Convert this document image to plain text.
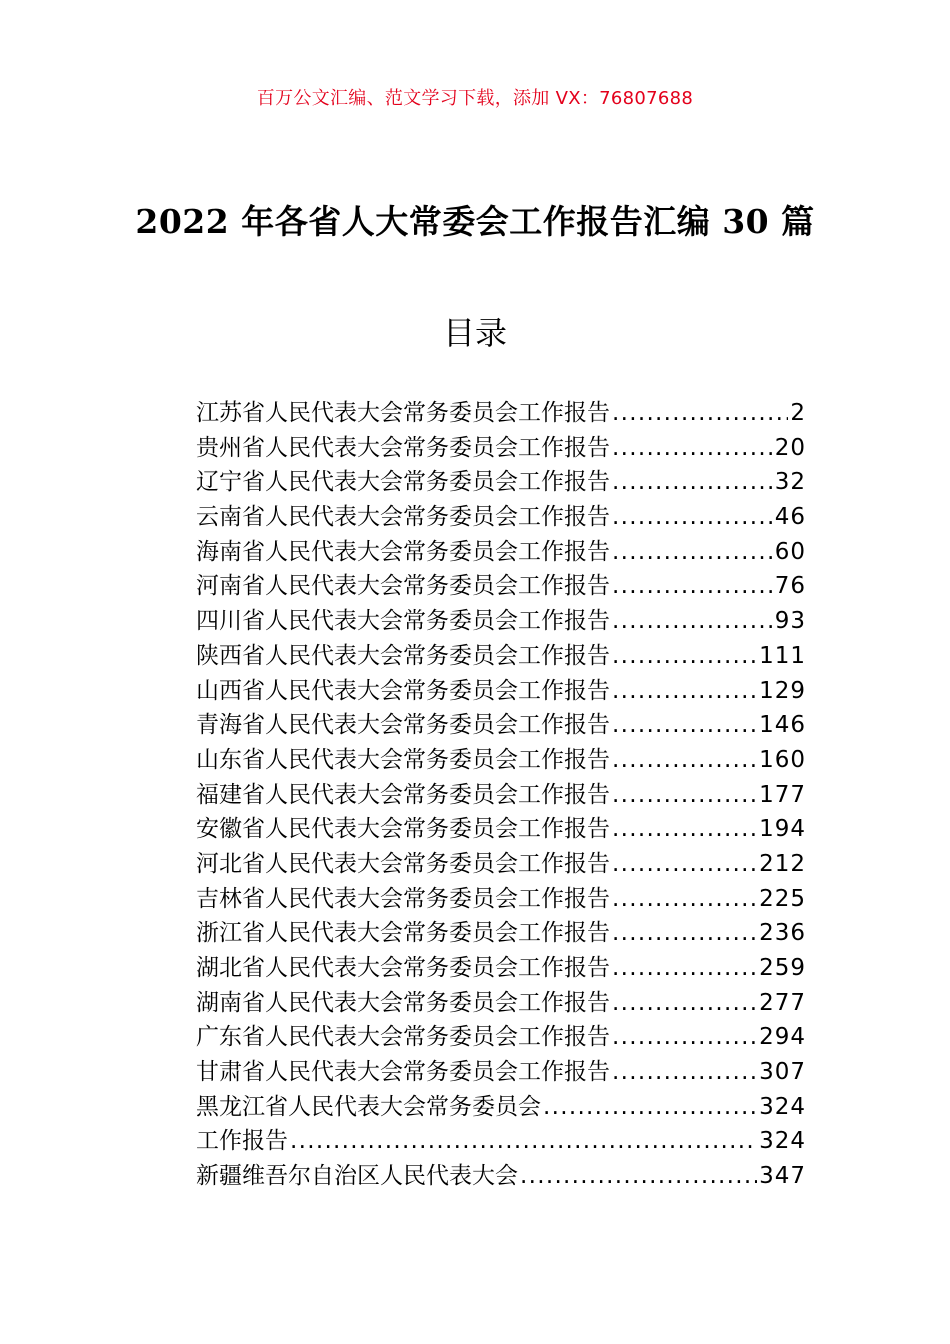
百万公文汇编、范文学习下载，添加 VX：76807688
2022 年各省人大常委会工作报告汇编 30 篇
目录
江苏省人民代表大会常务委员会工作报告 .....	2
贵州省人民代表大会常务委员会工作报告 .....	20
辽宁省人民代表大会常务委员会工作报告 .....	32
云南省人民代表大会常务委员会工作报告 .....	46
海南省人民代表大会常务委员会工作报告 .....	60
河南省人民代表大会常务委员会工作报告 .....	76
四川省人民代表大会常务委员会工作报告 .....	93
陕西省人民代表大会常务委员会工作报告 .....	111
山西省人民代表大会常务委员会工作报告 .....	129
青海省人民代表大会常务委员会工作报告 .....	146
山东省人民代表大会常务委员会工作报告 .....	160
福建省人民代表大会常务委员会工作报告 .....	177
安徽省人民代表大会常务委员会工作报告 .....	194
河北省人民代表大会常务委员会工作报告 .....	212
吉林省人民代表大会常务委员会工作报告 .....	225
浙江省人民代表大会常务委员会工作报告 .....	236
湖北省人民代表大会常务委员会工作报告 .....	259
湖南省人民代表大会常务委员会工作报告 .....	277
广东省人民代表大会常务委员会工作报告 .....	294
甘肃省人民代表大会常务委员会工作报告 .....	307
黑龙江省人民代表大会常务委员会 .....	324
工作报告 .....	324
新疆维吾尔自治区人民代表大会 .....	347
